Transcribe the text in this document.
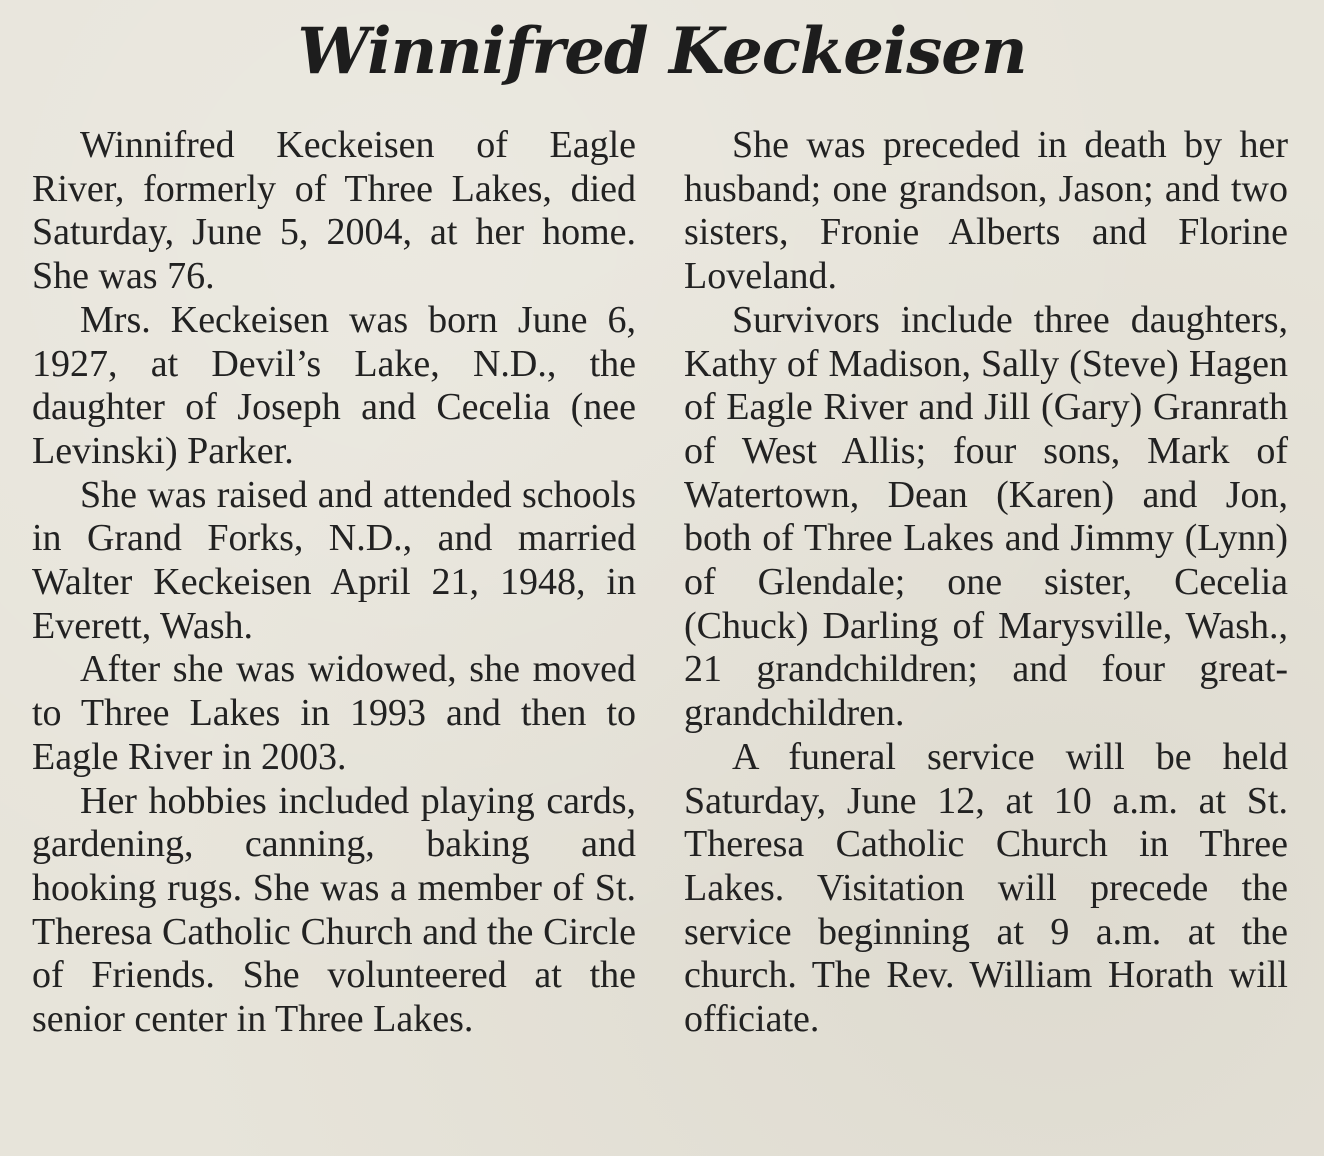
Winnifred Keckeisen

Winnifred Keckeisen of Eagle River, formerly of Three Lakes, died Saturday, June 5, 2004, at her home. She was 76.

Mrs. Keckeisen was born June 6, 1927, at Devil’s Lake, N.D., the daughter of Joseph and Cecelia (nee Levinski) Parker.

She was raised and attended schools in Grand Forks, N.D., and married Walter Keckeisen April 21, 1948, in Everett, Wash.

After she was widowed, she moved to Three Lakes in 1993 and then to Eagle River in 2003.

Her hobbies included playing cards, gardening, canning, baking and hooking rugs. She was a member of St. Theresa Catholic Church and the Circle of Friends. She volunteered at the senior center in Three Lakes.

She was preceded in death by her husband; one grandson, Jason; and two sisters, Fronie Alberts and Florine Loveland.

Survivors include three daughters, Kathy of Madison, Sally (Steve) Hagen of Eagle River and Jill (Gary) Granrath of West Allis; four sons, Mark of Watertown, Dean (Karen) and Jon, both of Three Lakes and Jimmy (Lynn) of Glendale; one sister, Cecelia (Chuck) Darling of Marysville, Wash., 21 grandchildren; and four great-grandchildren.

A funeral service will be held Saturday, June 12, at 10 a.m. at St. Theresa Catholic Church in Three Lakes. Visitation will precede the service beginning at 9 a.m. at the church. The Rev. William Horath will officiate.
